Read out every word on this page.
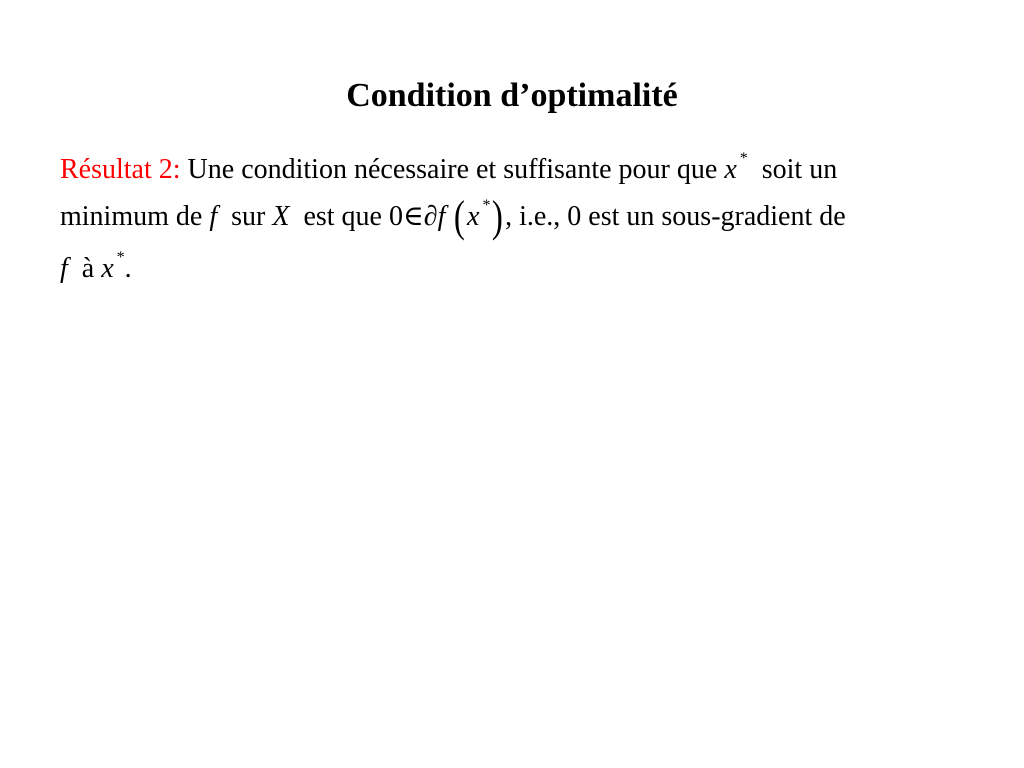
Condition d’optimalité
Résultat 2: Une condition nécessaire et suffisante pour que x * soit un
minimum de f sur X est que 0∈∂f (x *), i.e., 0 est un sous-gradient de
f à x *.
